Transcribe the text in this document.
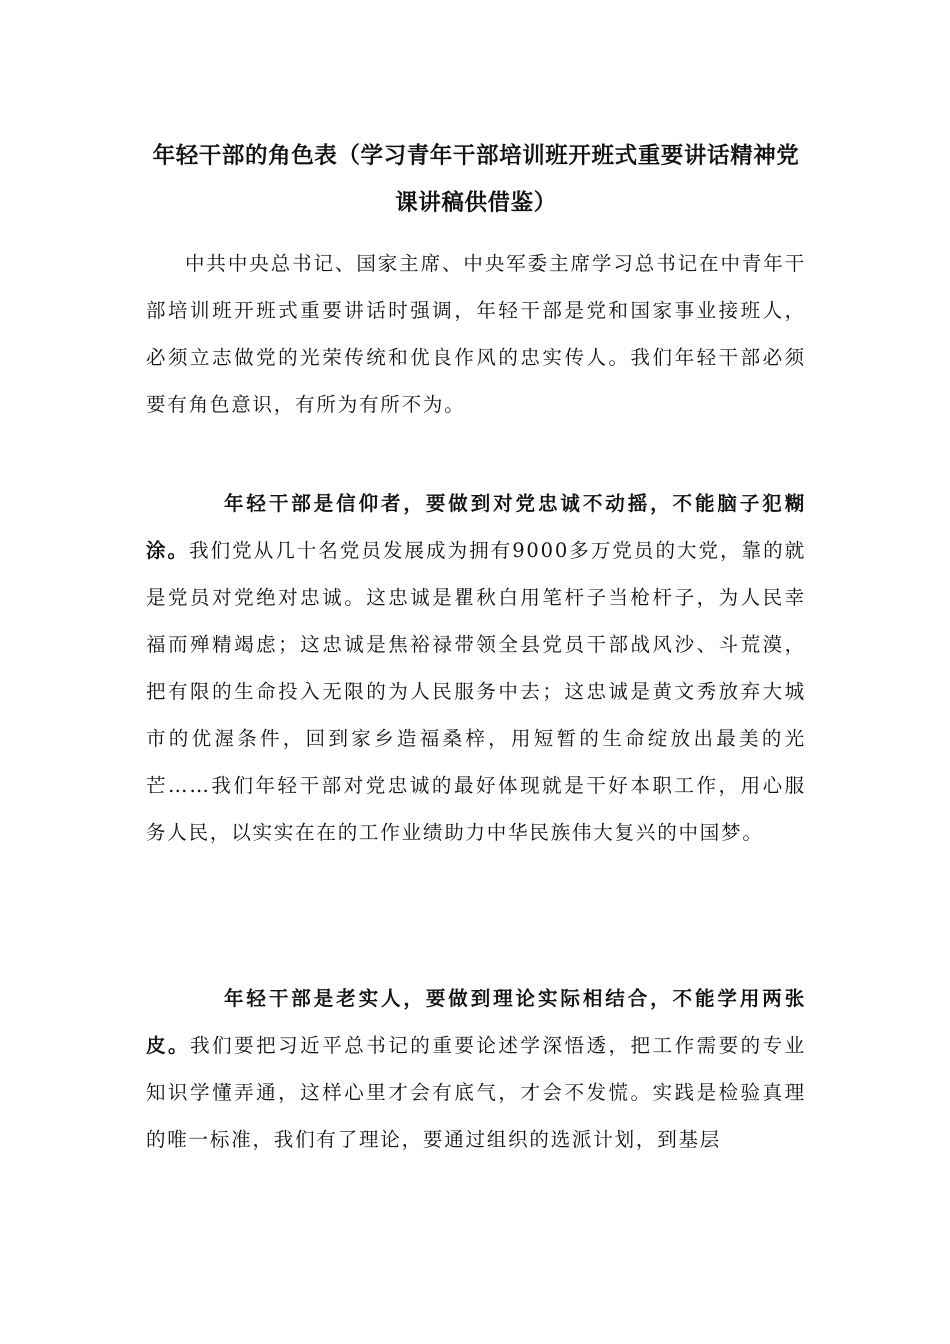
年轻干部的角色表（学习青年干部培训班开班式重要讲话精神党课讲稿供借鉴）

中共中央总书记、国家主席、中央军委主席学习总书记在中青年干部培训班开班式重要讲话时强调，年轻干部是党和国家事业接班人，必须立志做党的光荣传统和优良作风的忠实传人。我们年轻干部必须要有角色意识，有所为有所不为。

年轻干部是信仰者，要做到对党忠诚不动摇，不能脑子犯糊涂。我们党从几十名党员发展成为拥有9000多万党员的大党，靠的就是党员对党绝对忠诚。这忠诚是瞿秋白用笔杆子当枪杆子，为人民幸福而殚精竭虑；这忠诚是焦裕禄带领全县党员干部战风沙、斗荒漠，把有限的生命投入无限的为人民服务中去；这忠诚是黄文秀放弃大城市的优渥条件，回到家乡造福桑梓，用短暂的生命绽放出最美的光芒……我们年轻干部对党忠诚的最好体现就是干好本职工作，用心服务人民，以实实在在的工作业绩助力中华民族伟大复兴的中国梦。

年轻干部是老实人，要做到理论实际相结合，不能学用两张皮。我们要把习近平总书记的重要论述学深悟透，把工作需要的专业知识学懂弄通，这样心里才会有底气，才会不发慌。实践是检验真理的唯一标准，我们有了理论，要通过组织的选派计划，到基层
